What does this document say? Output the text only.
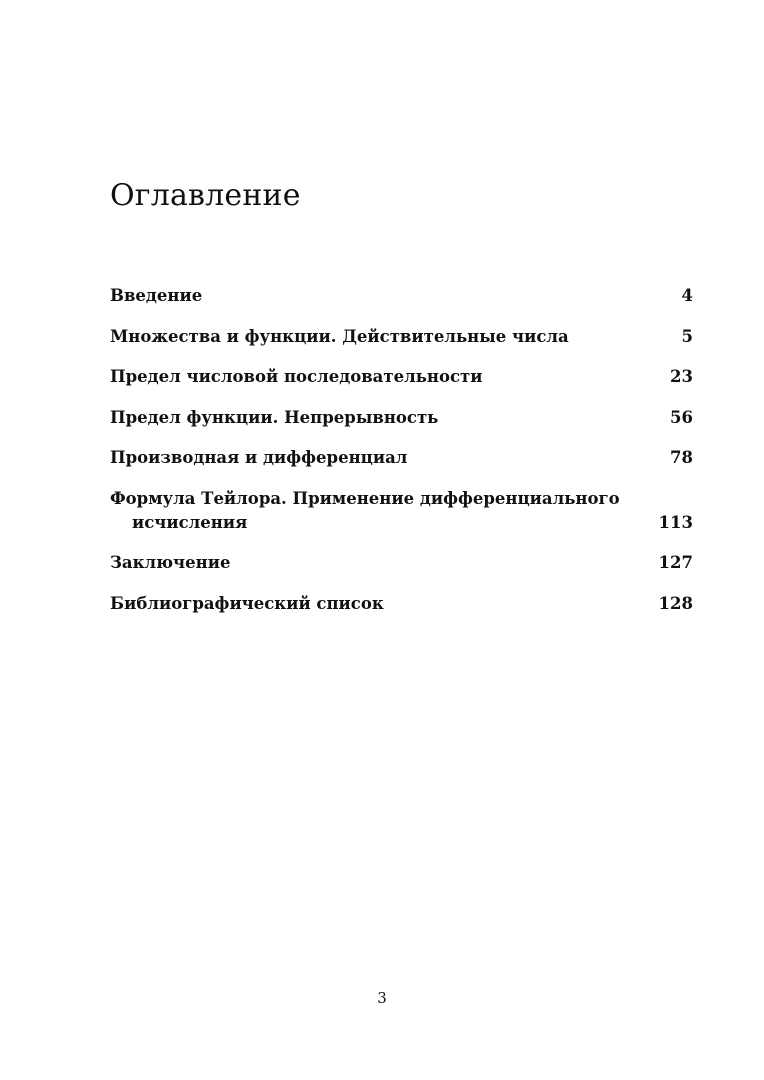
Оглавление
Введение	4
Множества и функции. Действительные числа	5
Предел числовой последовательности	23
Предел функции. Непрерывность	56
Производная и дифференциал	78
Формула Тейлора. Применение дифференциального
исчисления	113
Заключение	127
Библиографический список	128
3
